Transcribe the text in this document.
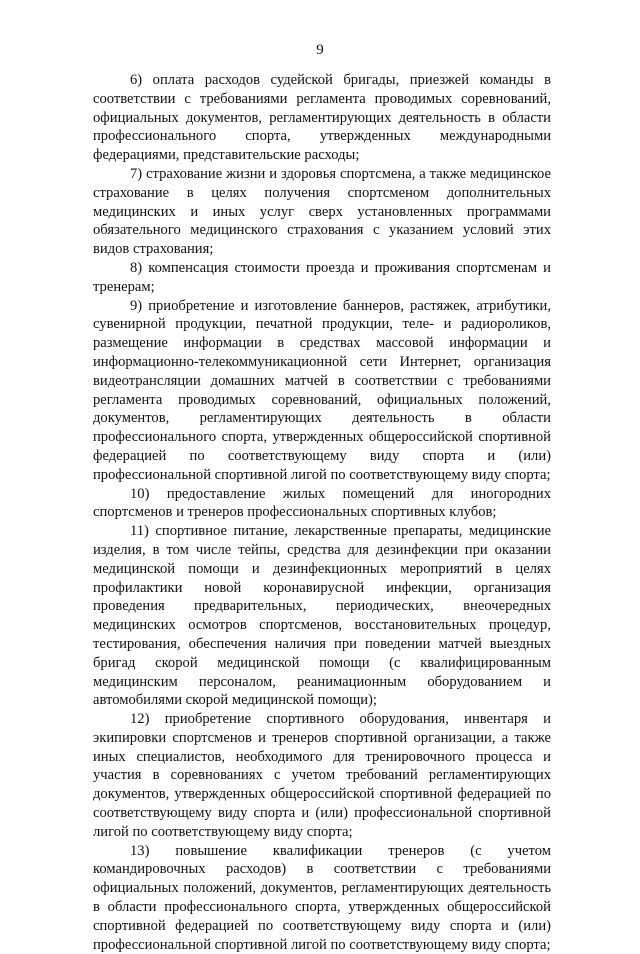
9

6) оплата расходов судейской бригады, приезжей команды в соответствии с требованиями регламента проводимых соревнований, официальных документов, регламентирующих деятельность в области профессионального спорта, утвержденных международными федерациями, представительские расходы;

7) страхование жизни и здоровья спортсмена, а также медицинское страхование в целях получения спортсменом дополнительных медицинских и иных услуг сверх установленных программами обязательного медицинского страхования с указанием условий этих видов страхования;

8) компенсация стоимости проезда и проживания спортсменам и тренерам;

9) приобретение и изготовление баннеров, растяжек, атрибутики, сувенирной продукции, печатной продукции, теле- и радиороликов, размещение информации в средствах массовой информации и информационно-телекоммуникационной сети Интернет, организация видеотрансляции домашних матчей в соответствии с требованиями регламента проводимых соревнований, официальных положений, документов, регламентирующих деятельность в области профессионального спорта, утвержденных общероссийской спортивной федерацией по соответствующему виду спорта и (или) профессиональной спортивной лигой по соответствующему виду спорта;

10) предоставление жилых помещений для иногородних спортсменов и тренеров профессиональных спортивных клубов;

11) спортивное питание, лекарственные препараты, медицинские изделия, в том числе тейпы, средства для дезинфекции при оказании медицинской помощи и дезинфекционных мероприятий в целях профилактики новой коронавирусной инфекции, организация проведения предварительных, периодических, внеочередных медицинских осмотров спортсменов, восстановительных процедур, тестирования, обеспечения наличия при поведении матчей выездных бригад скорой медицинской помощи (с квалифицированным медицинским персоналом, реанимационным оборудованием и автомобилями скорой медицинской помощи);

12) приобретение спортивного оборудования, инвентаря и экипировки спортсменов и тренеров спортивной организации, а также иных специалистов, необходимого для тренировочного процесса и участия в соревнованиях с учетом требований регламентирующих документов, утвержденных общероссийской спортивной федерацией по соответствующему виду спорта и (или) профессиональной спортивной лигой по соответствующему виду спорта;

13) повышение квалификации тренеров (с учетом командировочных расходов) в соответствии с требованиями официальных положений, документов, регламентирующих деятельность в области профессионального спорта, утвержденных общероссийской спортивной федерацией по соответствующему виду спорта и (или) профессиональной спортивной лигой по соответствующему виду спорта;
